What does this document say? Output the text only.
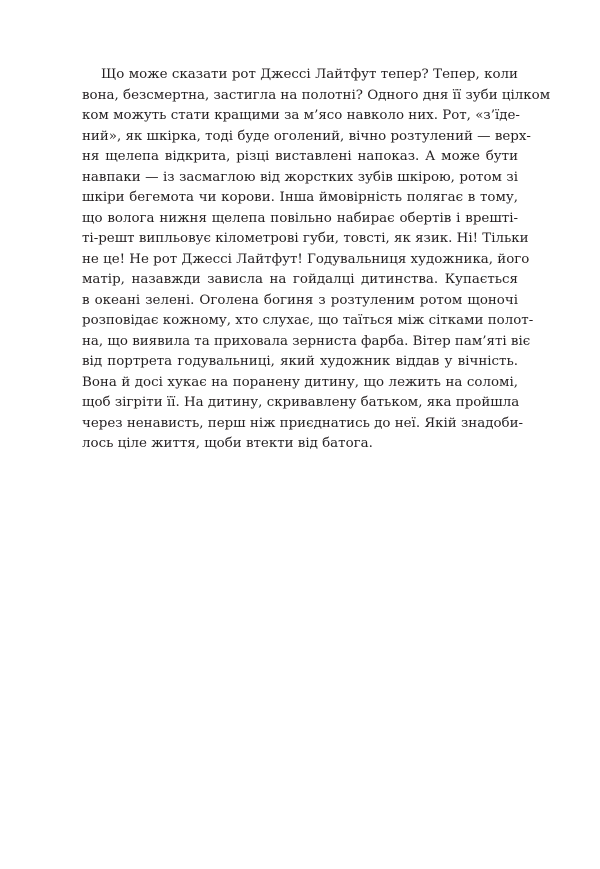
Що може сказати рот Джессі Лайтфут тепер? Тепер, коли
вона, безсмертна, застигла на полотні? Одного дня її зуби цілком
ком можуть стати кращими за м’ясо навколо них. Рот, «з’їде-
ний», як шкірка, тоді буде оголений, вічно розтулений — верх-
ня щелепа відкрита, різці виставлені напоказ. А може бути
навпаки — із засмаглою від жорстких зубів шкірою, ротом зі
шкіри бегемота чи корови. Інша ймовірність полягає в тому,
що волога нижня щелепа повільно набирає обертів і врешті-
ті-решт випльовує кілометрові губи, товсті, як язик. Ні! Тільки
не це! Не рот Джессі Лайтфут! Годувальниця художника, його
матір, назавжди зависла на гойдалці дитинства. Купається
в океані зелені. Оголена богиня з розтуленим ротом щоночі
розповідає кожному, хто слухає, що таїться між сітками полот-
на, що виявила та приховала зерниста фарба. Вітер пам’яті віє
від портрета годувальниці, який художник віддав у вічність.
Вона й досі хукає на поранену дитину, що лежить на соломі,
щоб зігріти її. На дитину, скривавлену батьком, яка пройшла
через ненависть, перш ніж приєднатись до неї. Якій знадоби-
лось ціле життя, щоби втекти від батога.
